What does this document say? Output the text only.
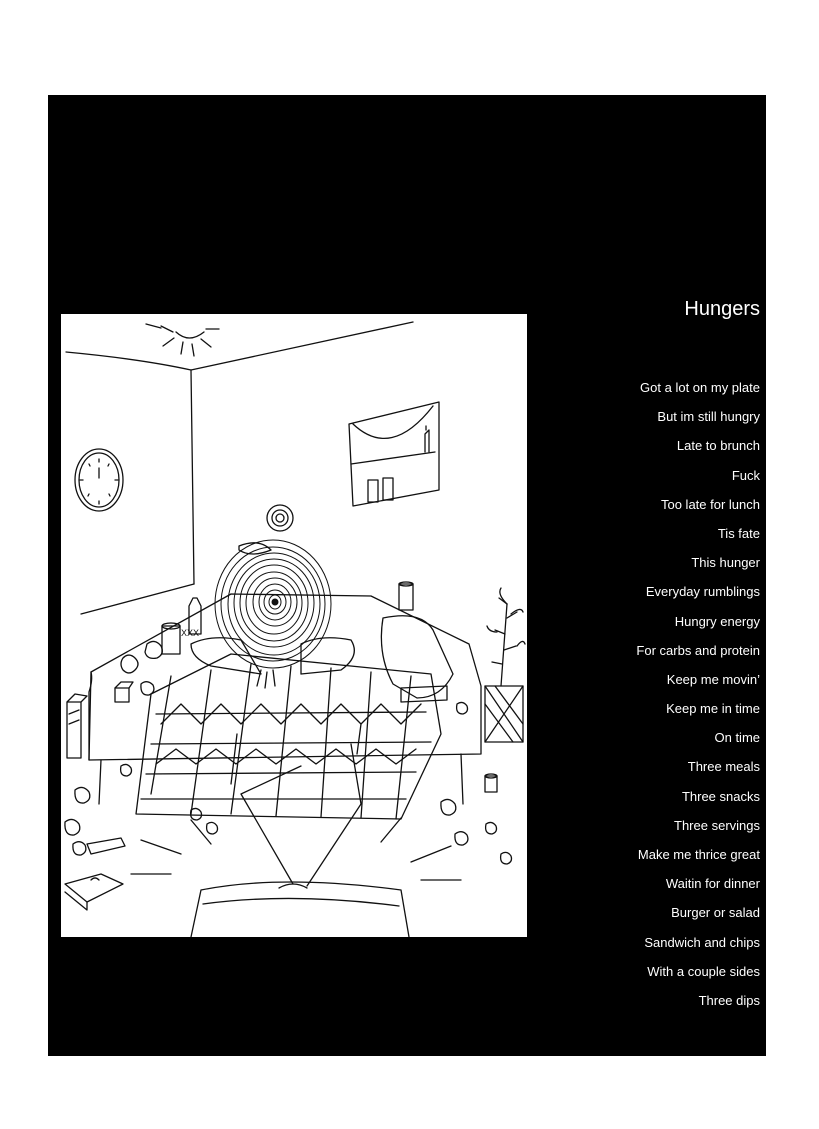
XXX
Hungers
Got a lot on my plate
But im still hungry
Late to brunch
Fuck
Too late for lunch
Tis fate
This hunger
Everyday rumblings
Hungry energy
For carbs and protein
Keep me movin’
Keep me in time
On time
Three meals
Three snacks
Three servings
Make me thrice great
Waitin for dinner
Burger or salad
Sandwich and chips
With a couple sides
Three dips
